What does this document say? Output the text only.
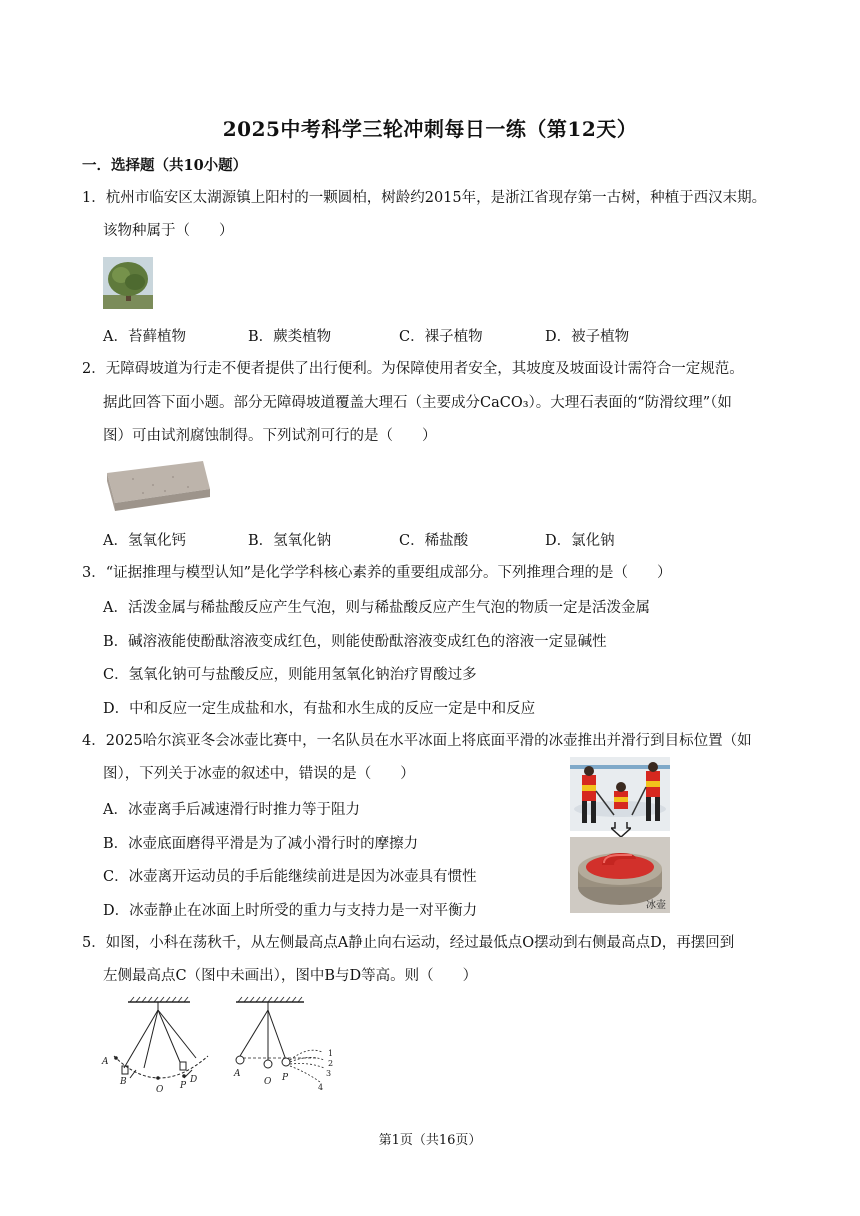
2025中考科学三轮冲刺每日一练（第12天）
一．选择题（共10小题）
1．杭州市临安区太湖源镇上阳村的一颗圆柏，树龄约2015年，是浙江省现存第一古树，种植于西汉末期。
该物种属于（　　）
A．苔藓植物	B．蕨类植物	C．裸子植物	D．被子植物
2．无障碍坡道为行走不便者提供了出行便利。为保障使用者安全，其坡度及坡面设计需符合一定规范。
据此回答下面小题。部分无障碍坡道覆盖大理石（主要成分CaCO₃）。大理石表面的“防滑纹理”（如
图）可由试剂腐蚀制得。下列试剂可行的是（　　）
A．氢氧化钙	B．氢氧化钠	C．稀盐酸	D．氯化钠
3．“证据推理与模型认知”是化学学科核心素养的重要组成部分。下列推理合理的是（　　）
A．活泼金属与稀盐酸反应产生气泡，则与稀盐酸反应产生气泡的物质一定是活泼金属
B．碱溶液能使酚酞溶液变成红色，则能使酚酞溶液变成红色的溶液一定显碱性
C．氢氧化钠可与盐酸反应，则能用氢氧化钠治疗胃酸过多
D．中和反应一定生成盐和水，有盐和水生成的反应一定是中和反应
4．2025哈尔滨亚冬会冰壶比赛中，一名队员在水平冰面上将底面平滑的冰壶推出并滑行到目标位置（如
图），下列关于冰壶的叙述中，错误的是（　　）
A．冰壶离手后减速滑行时推力等于阻力
B．冰壶底面磨得平滑是为了减小滑行时的摩擦力
C．冰壶离开运动员的手后能继续前进是因为冰壶具有惯性
D．冰壶静止在冰面上时所受的重力与支持力是一对平衡力	冰壶
5．如图，小科在荡秋千，从左侧最高点A静止向右运动，经过最低点O摆动到右侧最高点D，再摆回到
左侧最高点C（图中未画出），图中B与D等高。则（　　）
A
B
O P
D
A
O P
1
2
3
4
第1页（共16页）
